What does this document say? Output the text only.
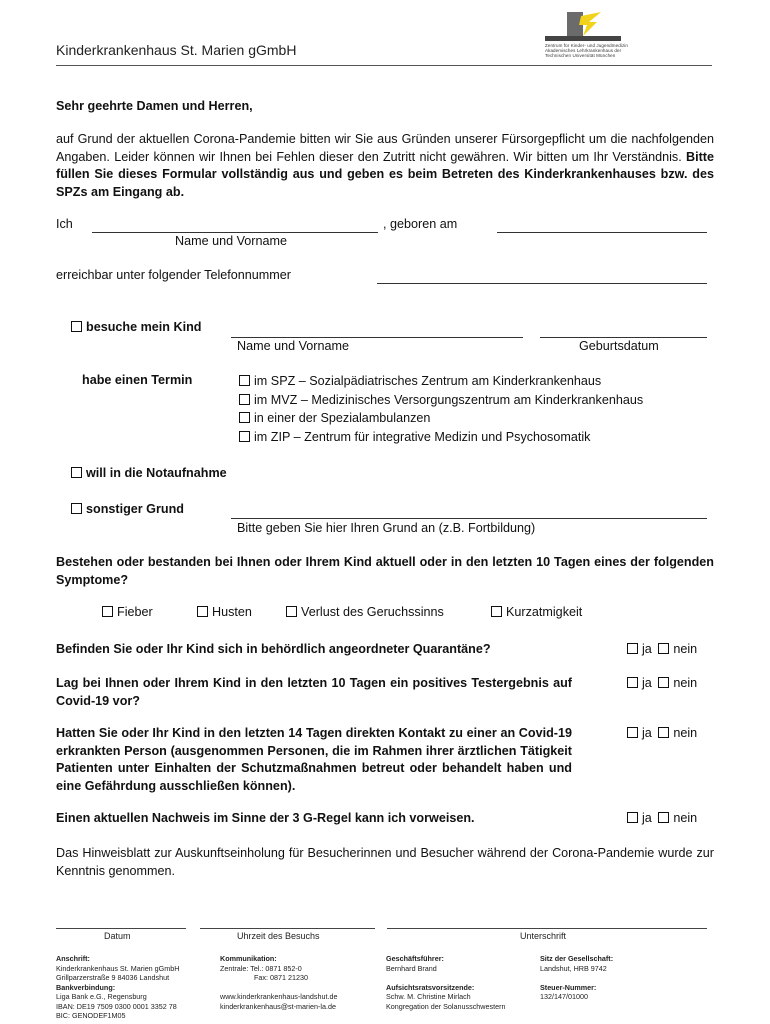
Kinderkrankenhaus St. Marien gGmbH	Zentrum für Kinder- und Jugendmedizin
Akademisches Lehrkrankenhaus der
Technischen Universität München
Sehr geehrte Damen und Herren,
auf Grund der aktuellen Corona-Pandemie bitten wir Sie aus Gründen unserer Fürsorgepflicht um die nachfolgenden Angaben. Leider können wir Ihnen bei Fehlen dieser den Zutritt nicht gewähren. Wir bitten um Ihr Verständnis. Bitte füllen Sie dieses Formular vollständig aus und geben es beim Betreten des Kinderkrankenhauses bzw. des SPZs am Eingang ab.
Ich	, geboren am
Name und Vorname
erreichbar unter folgender Telefonnummer
besuche mein Kind
Name und Vorname	Geburtsdatum
habe einen Termin	im SPZ – Sozialpädiatrisches Zentrum am Kinderkrankenhaus
im MVZ – Medizinisches Versorgungszentrum am Kinderkrankenhaus
in einer der Spezialambulanzen
im ZIP – Zentrum für integrative Medizin und Psychosomatik
will in die Notaufnahme
sonstiger Grund
Bitte geben Sie hier Ihren Grund an (z.B. Fortbildung)
Bestehen oder bestanden bei Ihnen oder Ihrem Kind aktuell oder in den letzten 10 Tagen eines der folgenden Symptome?
Fieber	Husten	Verlust des Geruchssinns	Kurzatmigkeit
Befinden Sie oder Ihr Kind sich in behördlich angeordneter Quarantäne?	ja nein
Lag bei Ihnen oder Ihrem Kind in den letzten 10 Tagen ein positives Testergebnis auf Covid-19 vor?
ja nein
Hatten Sie oder Ihr Kind in den letzten 14 Tagen direkten Kontakt zu einer an Covid-19 erkrankten Person (ausgenommen Personen, die im Rahmen ihrer ärztlichen Tätigkeit Patienten unter Einhalten der Schutzmaßnahmen betreut oder behandelt haben und eine Gefährdung ausschließen können).
ja nein
Einen aktuellen Nachweis im Sinne der 3 G-Regel kann ich vorweisen.	ja nein
Das Hinweisblatt zur Auskunftseinholung für Besucherinnen und Besucher während der Corona-Pandemie wurde zur Kenntnis genommen.
Datum	Uhrzeit des Besuchs	Unterschrift
Anschrift:
Kinderkrankenhaus St. Marien gGmbH
Grillparzerstraße 9 84036 Landshut
Bankverbindung:
Liga Bank e.G., Regensburg
IBAN: DE19 7509 0300 0001 3352 78
BIC: GENODEF1M05
Kommunikation:
Zentrale: Tel.: 0871 852-0
Fax: 0871 21230
www.kinderkrankenhaus-landshut.de
kinderkrankenhaus@st-marien-la.de
Geschäftsführer:
Bernhard Brand
Aufsichtsratsvorsitzende:
Schw. M. Christine Mirlach
Kongregation der Solanusschwestern
Sitz der Gesellschaft:
Landshut, HRB 9742
Steuer-Nummer:
132/147/01000
